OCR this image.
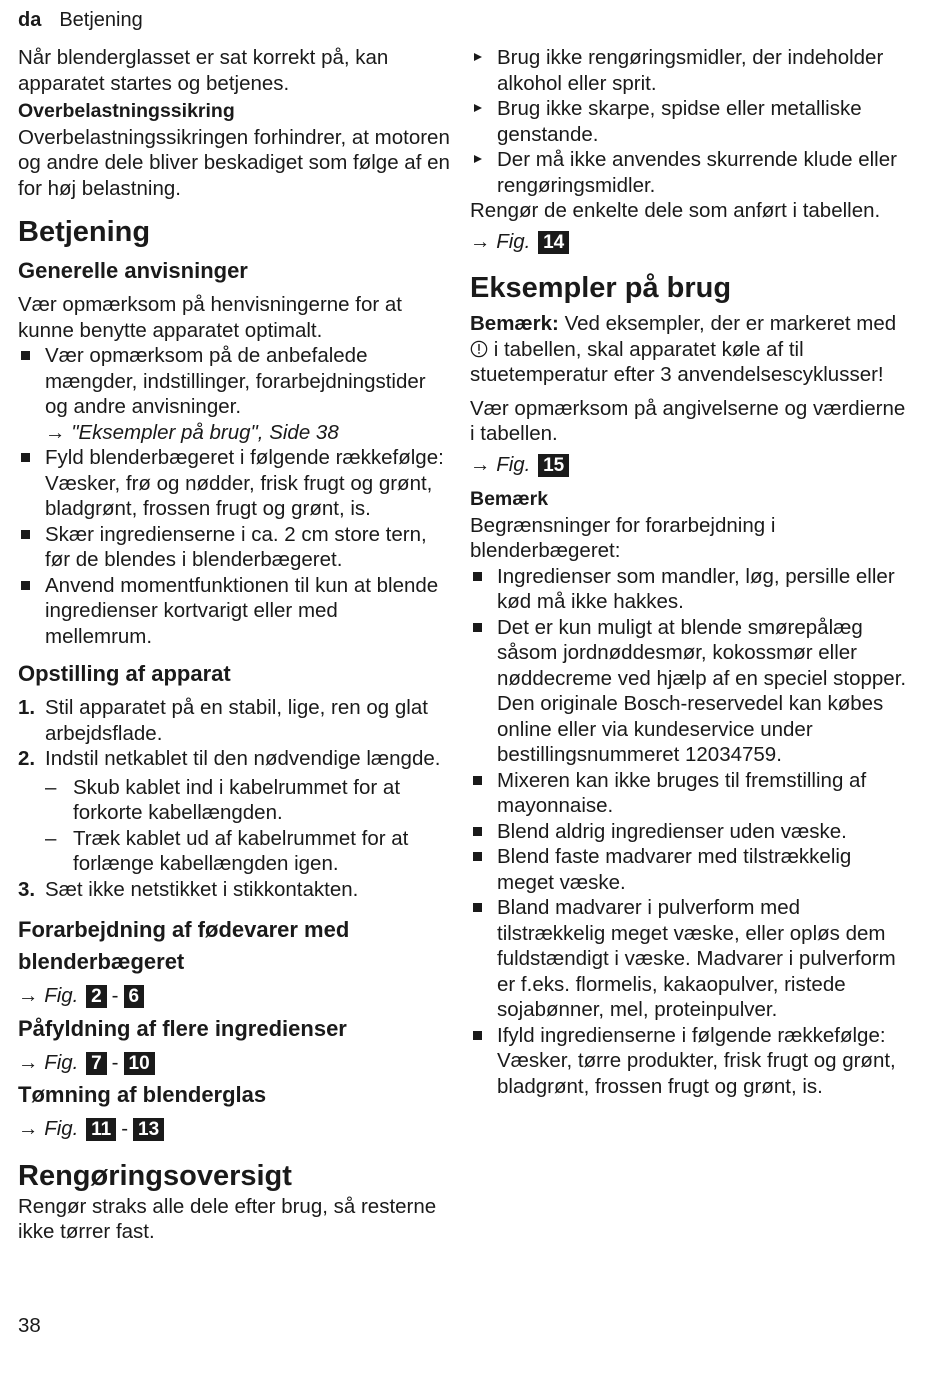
da Betjening

Når blenderglasset er sat korrekt på, kan apparatet startes og betjenes.

Overbelastningssikring

Overbelastningssikringen forhindrer, at motoren og andre dele bliver beskadiget som følge af en for høj belastning.

Betjening
Generelle anvisninger

Vær opmærksom på henvisningerne for at kunne benytte apparatet optimalt.

Vær opmærksom på de anbefalede mængder, indstillinger, forarbejdningstider og andre anvisninger.
→ "Eksempler på brug", Side 38
Fyld blenderbægeret i følgende rækkefølge: Væsker, frø og nødder, frisk frugt og grønt, bladgrønt, frossen frugt og grønt, is.
Skær ingredienserne i ca. 2 cm store tern, før de blendes i blenderbægeret.
Anvend momentfunktionen til kun at blende ingredienser kortvarigt eller med mellemrum.
Opstilling af apparat
1. Stil apparatet på en stabil, lige, ren og glat arbejdsflade.
2. Indstil netkablet til den nødvendige længde.
– Skub kablet ind i kabelrummet for at forkorte kabellængden.
– Træk kablet ud af kabelrummet for at forlænge kabellængden igen.
3. Sæt ikke netstikket i stikkontakten.
Forarbejdning af fødevarer med blenderbægeret

→ Fig. 2 - 6

Påfyldning af flere ingredienser

→ Fig. 7 - 10

Tømning af blenderglas

→ Fig. 11 - 13

Rengøringsoversigt

Rengør straks alle dele efter brug, så resterne ikke tørrer fast.

Brug ikke rengøringsmidler, der indeholder alkohol eller sprit.
Brug ikke skarpe, spidse eller metalliske genstande.
Der må ikke anvendes skurrende klude eller rengøringsmidler.

Rengør de enkelte dele som anført i tabellen.

→ Fig. 14

Eksempler på brug

Bemærk: Ved eksempler, der er markeret med  i tabellen, skal apparatet køle af til stuetemperatur efter 3 anvendelsescyklusser!

Vær opmærksom på angivelserne og værdierne i tabellen.

→ Fig. 15

Bemærk

Begrænsninger for forarbejdning i blenderbægeret:

Ingredienser som mandler, løg, persille eller kød må ikke hakkes.
Det er kun muligt at blende smørepålæg såsom jordnøddesmør, kokossmør eller nøddecreme ved hjælp af en speciel stopper. Den originale Bosch-reservedel kan købes online eller via kundeservice under bestillingsnummeret 12034759.
Mixeren kan ikke bruges til fremstilling af mayonnaise.
Blend aldrig ingredienser uden væske.
Blend faste madvarer med tilstrækkelig meget væske.
Bland madvarer i pulverform med tilstrækkelig meget væske, eller opløs dem fuldstændigt i væske. Madvarer i pulverform er f.eks. flormelis, kakaopulver, ristede sojabønner, mel, proteinpulver.
Ifyld ingredienserne i følgende rækkefølge: Væsker, tørre produkter, frisk frugt og grønt, bladgrønt, frossen frugt og grønt, is.
38
